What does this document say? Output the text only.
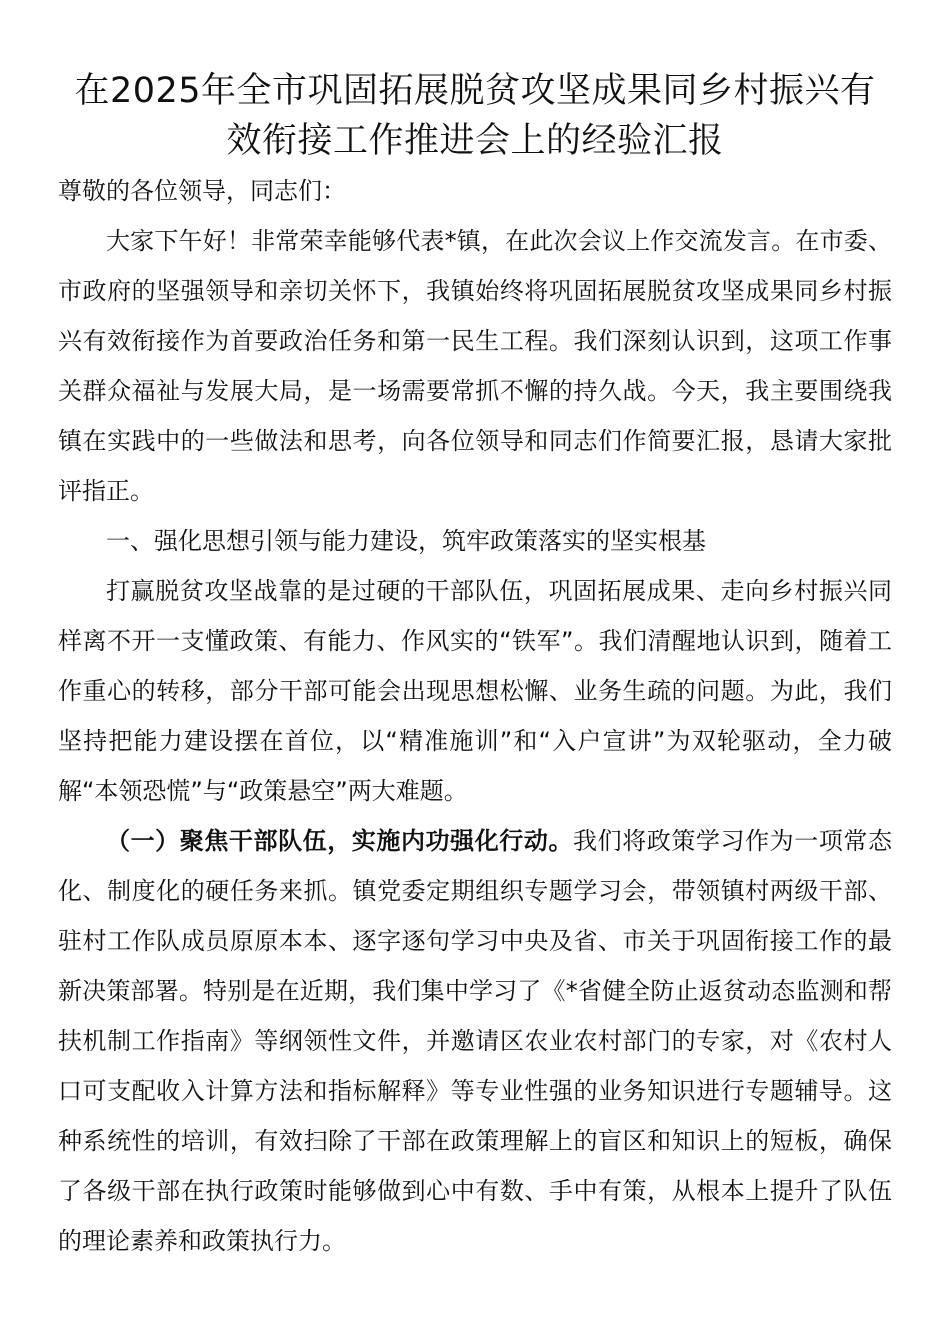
在2025年全市巩固拓展脱贫攻坚成果同乡村振兴有
效衔接工作推进会上的经验汇报

尊敬的各位领导，同志们：

大家下午好！非常荣幸能够代表*镇，在此次会议上作交流发言。在市委、市政府的坚强领导和亲切关怀下，我镇始终将巩固拓展脱贫攻坚成果同乡村振兴有效衔接作为首要政治任务和第一民生工程。我们深刻认识到，这项工作事关群众福祉与发展大局，是一场需要常抓不懈的持久战。今天，我主要围绕我镇在实践中的一些做法和思考，向各位领导和同志们作简要汇报，恳请大家批评指正。

一、强化思想引领与能力建设，筑牢政策落实的坚实根基

打赢脱贫攻坚战靠的是过硬的干部队伍，巩固拓展成果、走向乡村振兴同样离不开一支懂政策、有能力、作风实的“铁军”。我们清醒地认识到，随着工作重心的转移，部分干部可能会出现思想松懈、业务生疏的问题。为此，我们坚持把能力建设摆在首位，以“精准施训”和“入户宣讲”为双轮驱动，全力破解“本领恐慌”与“政策悬空”两大难题。

（一）聚焦干部队伍，实施内功强化行动。我们将政策学习作为一项常态化、制度化的硬任务来抓。镇党委定期组织专题学习会，带领镇村两级干部、驻村工作队成员原原本本、逐字逐句学习中央及省、市关于巩固衔接工作的最新决策部署。特别是在近期，我们集中学习了《*省健全防止返贫动态监测和帮扶机制工作指南》等纲领性文件，并邀请区农业农村部门的专家，对《农村人口可支配收入计算方法和指标解释》等专业性强的业务知识进行专题辅导。这种系统性的培训，有效扫除了干部在政策理解上的盲区和知识上的短板，确保了各级干部在执行政策时能够做到心中有数、手中有策，从根本上提升了队伍的理论素养和政策执行力。
